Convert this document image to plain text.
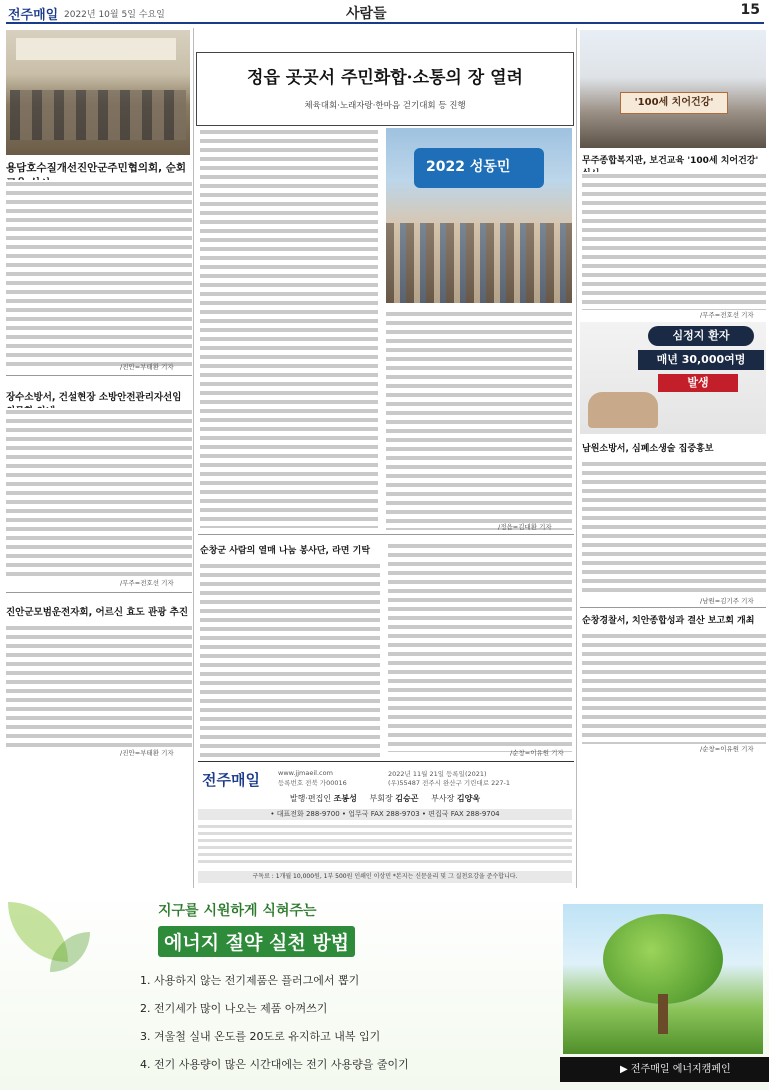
전주매일 2022년 10월 5일 수요일	사람들	15
용담호수질개선진안군주민협의회, 순회
/진안=부태환 기자
장수소방서, 건설현장 소방안전관리자선임
/무주=전호선 기자
진안군모범운전자회, 어르신 효도 관광 추진
/진안=부태환 기자
정읍 곳곳서 주민화합·소통의 장 열려
체육대회·노래자랑·한마음 걷기대회 등 진행
2022 성동민
/정읍=김대환 기자
순창군 사람의 열매 나눔 봉사단, 라면 기탁
/순창=이유원 기자
전주매일	www.jjmaeil.com
등록번호 전북 가00016
2022년 11월 21일 등록일(2021)
(우)55487 전주시 완산구 기린대로 227-1
발행·편집인 조봉성 부회장 김승곤 부사장 김양욱
• 대표전화 288-9700 • 업무국 FAX 288-9703 • 편집국 FAX 288-9704
구독료 : 1개월 10,000원, 1부 500원 인쇄인 이상민 *본지는 신문윤리 및 그 실천요강을 준수합니다.
'100세 치어건강'
무주종합복지관, 보건교육 '100세 치어건강'
/무주=전호선 기자
심정지 환자
매년 30,000여명
발생
남원소방서, 심폐소생술 집중홍보
/남원=김기주 기자
순창경찰서, 치안종합성과 결산 보고회 개최
/순창=이유원 기자
지구를 시원하게 식혀주는
에너지 절약 실천 방법
1. 사용하지 않는 전기제품은 플러그에서 뽑기
2. 전기세가 많이 나오는 제품 아껴쓰기
3. 겨울철 실내 온도를 20도로 유지하고 내복 입기
4. 전기 사용량이 많은 시간대에는 전기 사용량을 줄이기	▶ 전주매일 에너지캠페인
